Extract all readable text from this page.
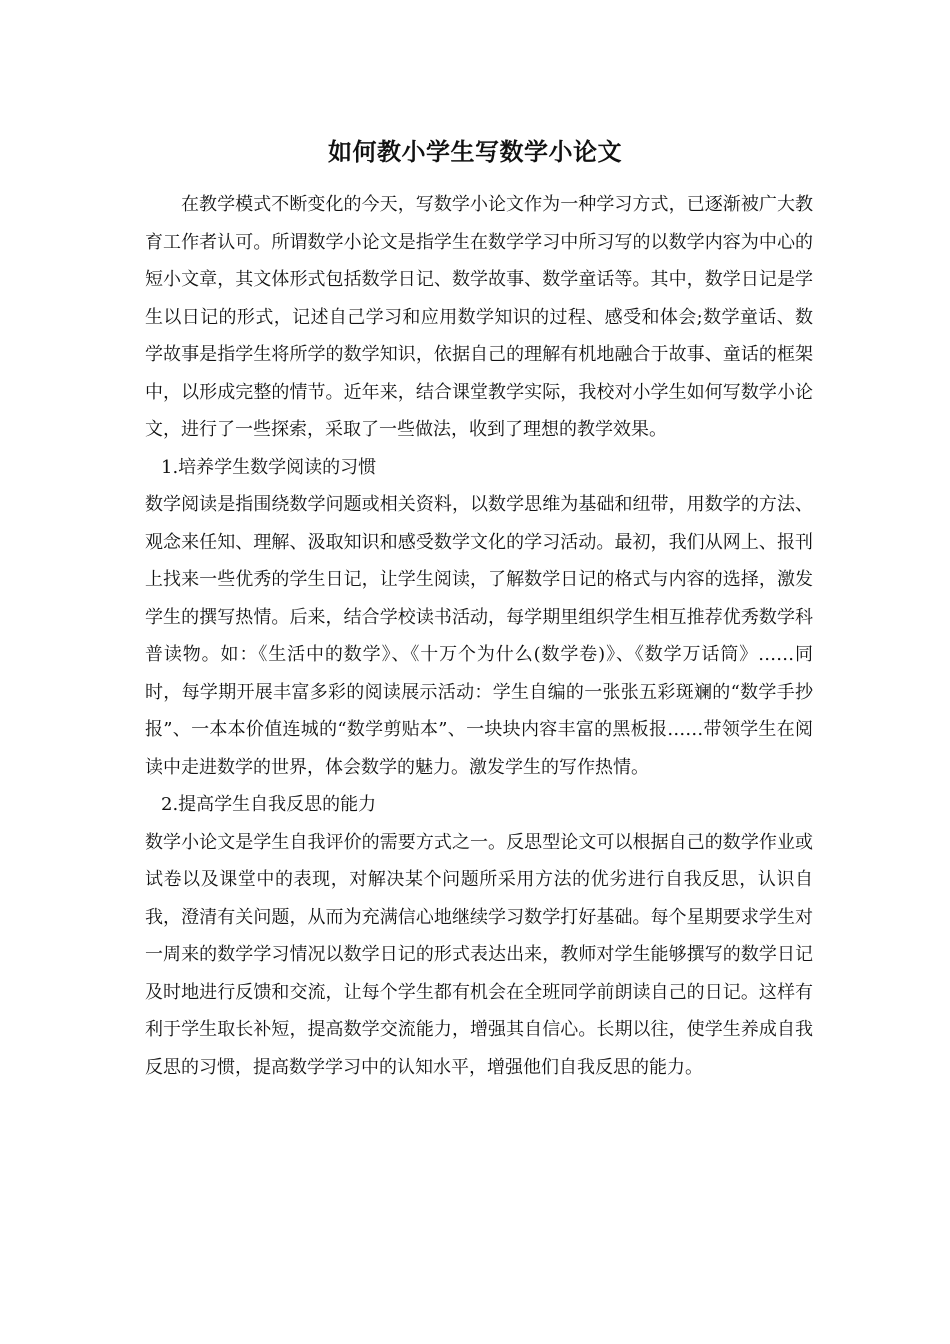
如何教小学生写数学小论文

在教学模式不断变化的今天，写数学小论文作为一种学习方式，已逐渐被广大教育工作者认可。所谓数学小论文是指学生在数学学习中所习写的以数学内容为中心的短小文章，其文体形式包括数学日记、数学故事、数学童话等。其中，数学日记是学生以日记的形式，记述自己学习和应用数学知识的过程、感受和体会;数学童话、数学故事是指学生将所学的数学知识，依据自己的理解有机地融合于故事、童话的框架中，以形成完整的情节。近年来，结合课堂教学实际，我校对小学生如何写数学小论文，进行了一些探索，采取了一些做法，收到了理想的教学效果。

1.培养学生数学阅读的习惯

数学阅读是指围绕数学问题或相关资料，以数学思维为基础和纽带，用数学的方法、观念来任知、理解、汲取知识和感受数学文化的学习活动。最初，我们从网上、报刊上找来一些优秀的学生日记，让学生阅读，了解数学日记的格式与内容的选择，激发学生的撰写热情。后来，结合学校读书活动，每学期里组织学生相互推荐优秀数学科普读物。如：《生活中的数学》、《十万个为什么(数学卷)》、《数学万话筒》……同时，每学期开展丰富多彩的阅读展示活动：学生自编的一张张五彩斑斓的“数学手抄报”、一本本价值连城的“数学剪贴本”、一块块内容丰富的黑板报……带领学生在阅读中走进数学的世界，体会数学的魅力。激发学生的写作热情。

2.提高学生自我反思的能力

数学小论文是学生自我评价的需要方式之一。反思型论文可以根据自己的数学作业或试卷以及课堂中的表现，对解决某个问题所采用方法的优劣进行自我反思，认识自我，澄清有关问题，从而为充满信心地继续学习数学打好基础。每个星期要求学生对一周来的数学学习情况以数学日记的形式表达出来，教师对学生能够撰写的数学日记及时地进行反馈和交流，让每个学生都有机会在全班同学前朗读自己的日记。这样有利于学生取长补短，提高数学交流能力，增强其自信心。长期以往，使学生养成自我反思的习惯，提高数学学习中的认知水平，增强他们自我反思的能力。
